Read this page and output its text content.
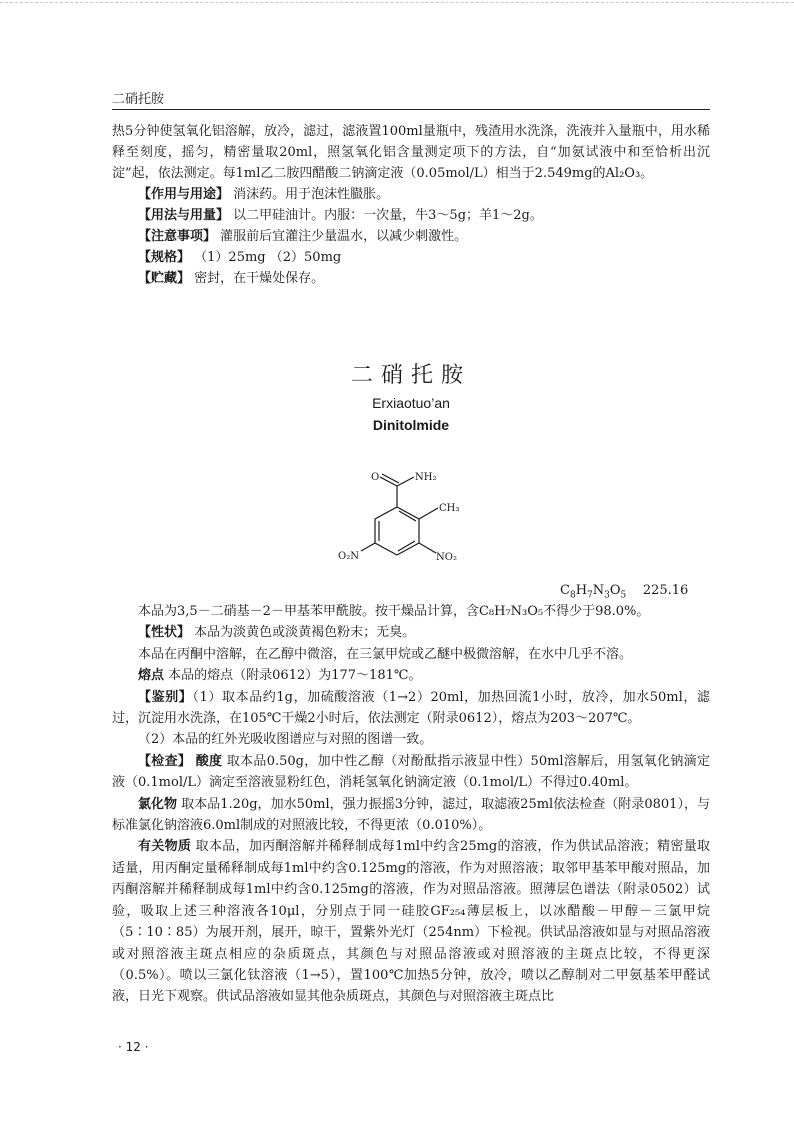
二硝托胺

热5分钟使氢氧化铝溶解，放冷，滤过，滤液置100ml量瓶中，残渣用水洗涤，洗液并入量瓶中，用水稀释至刻度，摇匀，精密量取20ml，照氢氧化铝含量测定项下的方法，自“加氨试液中和至恰析出沉淀”起，依法测定。每1ml乙二胺四醋酸二钠滴定液（0.05mol/L）相当于2.549mg的Al₂O₃。

【作用与用途】 消沫药。用于泡沫性臌胀。

【用法与用量】 以二甲硅油计。内服：一次量，牛3～5g；羊1～2g。

【注意事项】 灌服前后宜灌注少量温水，以减少刺激性。

【规格】 （1）25mg （2）50mg

【贮藏】 密封，在干燥处保存。

二硝托胺
Erxiaotuo’an
Dinitolmide
O	NH₂
CH₃
O₂N	NO₂
$C_8H_7N_3O_5$ 225.16

本品为3,5－二硝基－2－甲基苯甲酰胺。按干燥品计算，含C₈H₇N₃O₅不得少于98.0%。

【性状】 本品为淡黄色或淡黄褐色粉末；无臭。

本品在丙酮中溶解，在乙醇中微溶，在三氯甲烷或乙醚中极微溶解，在水中几乎不溶。

熔点 本品的熔点（附录0612）为177～181℃。

【鉴别】（1）取本品约1g，加硫酸溶液（1→2）20ml，加热回流1小时，放冷，加水50ml，滤过，沉淀用水洗涤，在105℃干燥2小时后，依法测定（附录0612），熔点为203～207℃。

（2）本品的红外光吸收图谱应与对照的图谱一致。

【检查】 酸度 取本品0.50g，加中性乙醇（对酚酞指示液显中性）50ml溶解后，用氢氧化钠滴定液（0.1mol/L）滴定至溶液显粉红色，消耗氢氧化钠滴定液（0.1mol/L）不得过0.40ml。

氯化物 取本品1.20g，加水50ml，强力振摇3分钟，滤过，取滤液25ml依法检查（附录0801），与标准氯化钠溶液6.0ml制成的对照液比较，不得更浓（0.010%）。

有关物质 取本品，加丙酮溶解并稀释制成每1ml中约含25mg的溶液，作为供试品溶液；精密量取适量，用丙酮定量稀释制成每1ml中约含0.125mg的溶液，作为对照溶液；取邻甲基苯甲酸对照品，加丙酮溶解并稀释制成每1ml中约含0.125mg的溶液，作为对照品溶液。照薄层色谱法（附录0502）试验，吸取上述三种溶液各10μl，分别点于同一硅胶GF₂₅₄薄层板上，以冰醋酸－甲醇－三氯甲烷（5∶10∶85）为展开剂，展开，晾干，置紫外光灯（254nm）下检视。供试品溶液如显与对照品溶液或对照溶液主斑点相应的杂质斑点，其颜色与对照品溶液或对照溶液的主斑点比较，不得更深（0.5%）。喷以三氯化钛溶液（1→5），置100℃加热5分钟，放冷，喷以乙醇制对二甲氨基苯甲醛试液，日光下观察。供试品溶液如显其他杂质斑点，其颜色与对照溶液主斑点比

· 12 ·
